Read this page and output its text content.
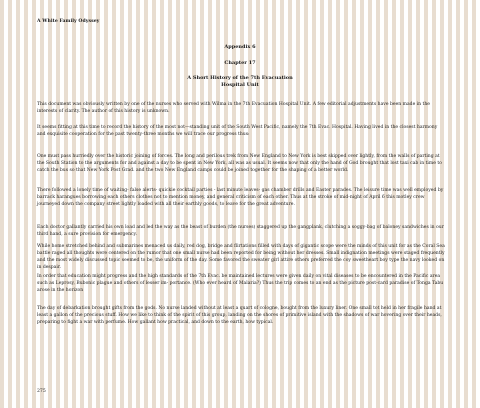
A White Family Odyssey
Appendix 6
Chapter 17
A Short History of the 7th Evacuation
Hospital Unit

This document was obviously written by one of the nurses who served with Wilma in the 7th Evacuation Hospital Unit. A few editorial adjustments have been made in the interests of clarity. The author of this history is unknown.

It seems fitting at this time to record the history of the most not—standing unit of the South West Pacific, namely the 7th Evac. Hospital. Having lived in the closest harmony and exquisite cooperation for the past twenty-three months we will trace our progress thus:

One must pass hurriedly over the historic joining of forces. The long and perilous trek from New England to New York is best skipped over lightly, from the walls of parting at the South Station to the arguments for and against a day to be spent in New York, all was as usual. It seems now that only the hand of God brought that lost taxi cab in time to catch the bus so that New York Post Grad. and the two New England camps could be joined together for the shaping of a better world.

There followed a lonely time of waiting- false alerts- quickie cocktail parties - last minute leaves- gas chamber drills and Easter parades. The leisure time was well employed by barrack harangues borrowing each others clothes not to mention money, and general criticism of each other. Thus at the stroke of mid-night of April 6 this motley crew journeyed down the company street lightly loaded with all their earthly goods, to leave for the great adventure.

Each doctor gallantly carried his own load and led the way as the beast of burden (the nurses) staggered up the gangplank, clutching a soggy-bag of baloney sandwiches in our third hand, a sure provision for emergency.

While home stretched behind and submarines menaced us daily, red dog, bridge and flirtations filled with days of gigantic scope were the minds of this unit for as the Coral Sea battle raged all thoughts were centered on the rumor that one small nurse had been reported for being without her dresses. Small indignation meetings were staged frequently and the most widely discussed topic seemed to be, the uniform of the day. Some favored the sweater girl attire others preferred the coy sweetheart boy type the navy looked on in despair.

In order that education might progress and the high standards of the 7th Evac. be maintained lectures were given daily on vital diseases to be encountered in the Pacific area such as Leprosy, Bubonic plague and others of lesser im- portance. (Who ever heard of Malaria?) Thus the trip comes to an end as the picture post-card paradise of Tonga Tabu arose in the horizon

The day of debarkation brought gifts from the gods. No nurse landed without at least a quart of cologne, bought from the luxury liner. One small tot held in her fragile hand at least a gallon of the precious stuff. How we like to think of the spirit of this group, landing on the shores of primitive island with the shadows of war hovering over their heads, preparing to fight a war with perfume. How gallant how practical, and down to the earth, how typical.

275
